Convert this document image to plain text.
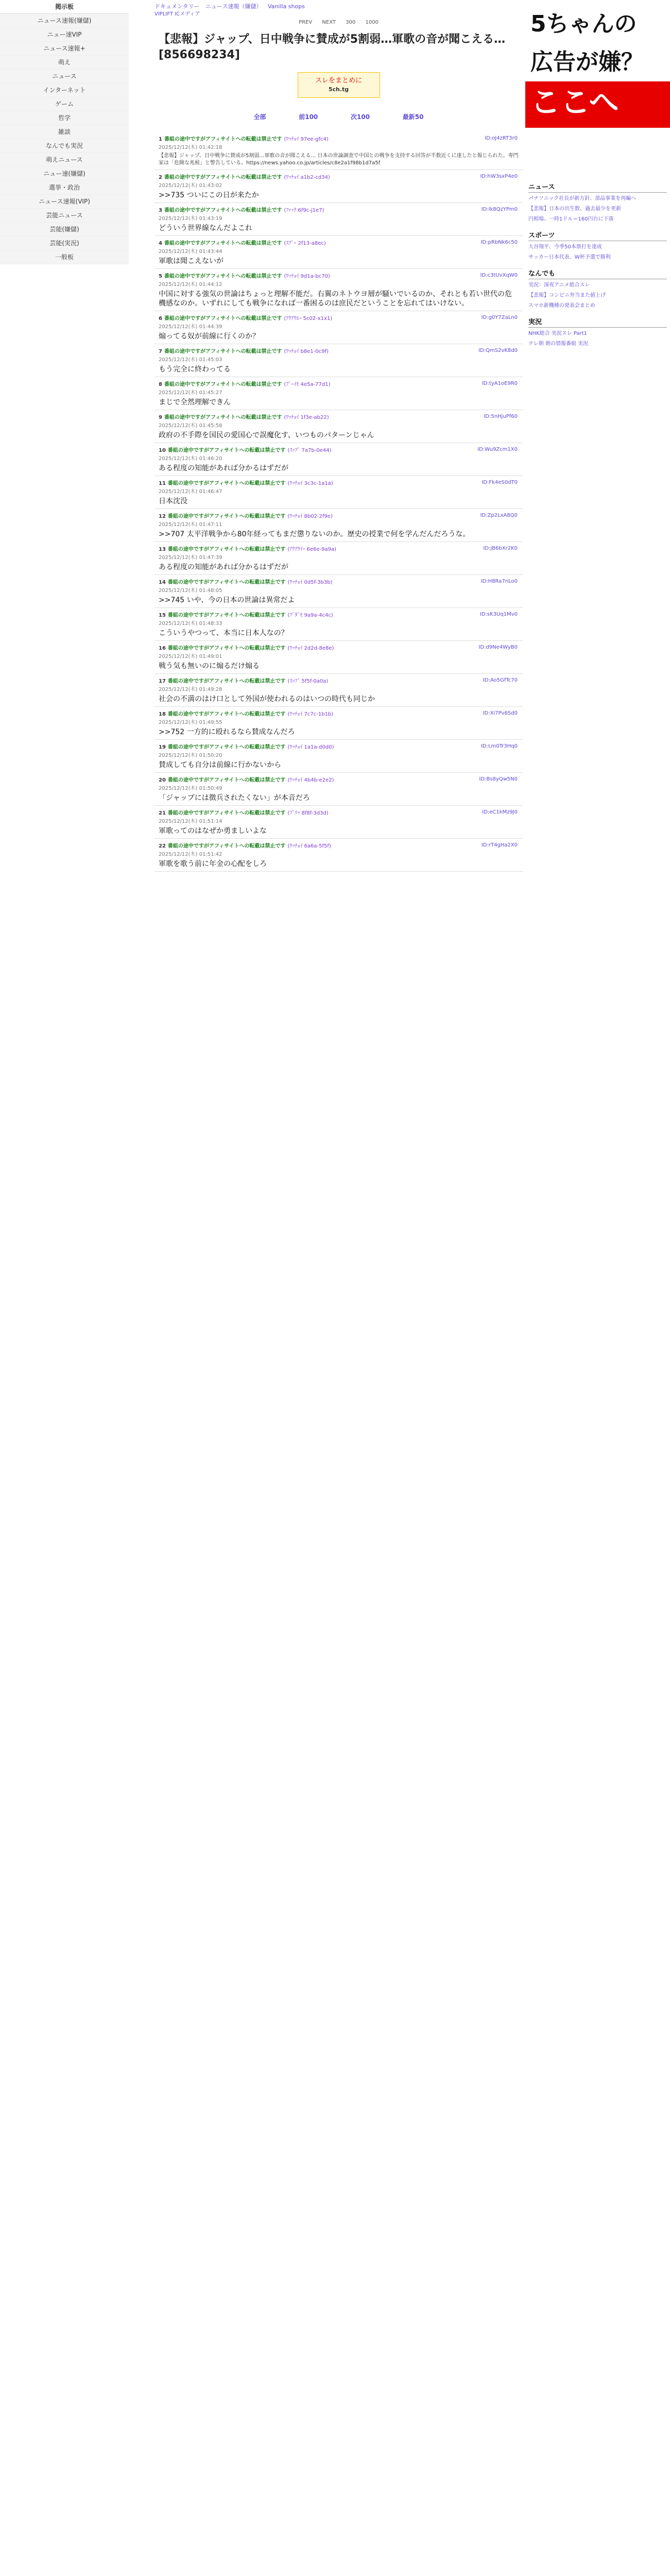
掲示板
ニュース速報(嫌儲)
ニュー速VIP
ニュース速報+
萌え
ニュース
インターネット
ゲーム
哲学
雑談
なんでも実況
萌えニュース
ニュー速(嫌儲)
選挙・政治
ニュース速報(VIP)
芸能ニュース
芸能(嫌儲)
芸能(実況)
一般板
ドキュメンタリー ニュース速報（嫌儲） Vanilla shops
VIPLIFT ICメディア
PREV NEXT 300 1000
【悲報】ジャップ、日中戦争に賛成が5割弱…軍歌の音が聞こえる…[856698234]
スレをまとめに
5ch.tg
全部	前100	次100	最新50
1 番組の途中ですがアフィサイトへの転載は禁止です (ﾜｯﾁｮｲ 97ee-gfc4)
2025/12/12(木) 01:42:18
ID:oJ4zRT3r0
【悲報】ジャップ、日中戦争に賛成が5割弱…軍歌の音が聞こえる… 日本の世論調査で中国との戦争を支持する回答が半数近くに達したと報じられた。専門家は「危険な兆候」と警告している。https://news.yahoo.co.jp/articles/c8e2a1f98b1d7a5f
2 番組の途中ですがアフィサイトへの転載は禁止です (ﾜｯﾁｮｲ a1b2-cd34)
2025/12/12(木) 01:43:02
ID:hW3sxP4e0
>>735 ついにこの日が来たか
3 番組の途中ですがアフィサイトへの転載は禁止です (ﾌｧｯｸ 6f9c-j1e7)
2025/12/12(木) 01:43:19
ID:lk8QzYPm0
どういう世界線なんだよこれ
4 番組の途中ですがアフィサイトへの転載は禁止です (ｽﾌﾟｰ 2f13-a8ec)
2025/12/12(木) 01:43:44
ID:pRbNk6c50
軍歌は聞こえないが
5 番組の途中ですがアフィサイトへの転載は禁止です (ﾜｯﾁｮｲ 9d1a-bc70)
2025/12/12(木) 01:44:12
ID:c3tUvXqW0
中国に対する強気の世論はちょっと理解不能だ。右翼のネトウヨ層が騒いでいるのか、それとも若い世代の危機感なのか。いずれにしても戦争になれば一番困るのは庶民だということを忘れてはいけない。
6 番組の途中ですがアフィサイトへの転載は禁止です (ｱｳｱｳｴｰ 5c02-x1x1)
2025/12/12(木) 01:44:39
ID:g0Y7ZaLn0
煽ってる奴が前線に行くのか？
7 番組の途中ですがアフィサイトへの転載は禁止です (ﾜｯﾁｮｲ b8e1-0c9f)
2025/12/12(木) 01:45:03
ID:QmS2vK8d0
もう完全に終わってる
8 番組の途中ですがアフィサイトへの転載は禁止です (ﾌﾞｰｲﾓ 4e5a-77d1)
2025/12/12(木) 01:45:27
ID:tyA1oE9R0
まじで全然理解できん
9 番組の途中ですがアフィサイトへの転載は禁止です (ﾜｯﾁｮｲ 1f3e-ab22)
2025/12/12(木) 01:45:58
ID:5nHjuPf60
政府の不手際を国民の愛国心で誤魔化す、いつものパターンじゃん
10 番組の途中ですがアフィサイトへの転載は禁止です (ｽｯﾌﾟ 7a7b-0e44)
2025/12/12(木) 01:46:20
ID:Wu9Zcm1X0
ある程度の知能があれば分かるはずだが
11 番組の途中ですがアフィサイトへの転載は禁止です (ﾜｯﾁｮｲ 3c3c-1a1a)
2025/12/12(木) 01:46:47
ID:Fk4eS0dT0
日本沈没
12 番組の途中ですがアフィサイトへの転載は禁止です (ﾜｯﾁｮｲ 8b02-2f9e)
2025/12/12(木) 01:47:11
ID:Zp2LxA8Q0
>>707 太平洋戦争から80年経ってもまだ懲りないのか。歴史の授業で何を学んだんだろうな。
13 番組の途中ですがアフィサイトへの転載は禁止です (ｱｳｱｳｲｰ 6e6e-9a9a)
2025/12/12(木) 01:47:39
ID:jB6bXr2K0
ある程度の知能があれば分かるはずだが
14 番組の途中ですがアフィサイトへの転載は禁止です (ﾜｯﾁｮｲ 0d5f-3b3b)
2025/12/12(木) 01:48:05
ID:H8Ra7nLo0
>>745 いや、今の日本の世論は異常だよ
15 番組の途中ですがアフィサイトへの転載は禁止です (ﾌﾞﾀﾞﾓ 9a9a-4c4c)
2025/12/12(木) 01:48:33
ID:sK3Uq1Mv0
こういうやつって、本当に日本人なの？
16 番組の途中ですがアフィサイトへの転載は禁止です (ﾜｯﾁｮｲ 2d2d-8e8e)
2025/12/12(木) 01:49:01
ID:d9Ne4WyB0
戦う気も無いのに煽るだけ煽る
17 番組の途中ですがアフィサイトへの転載は禁止です (ｽｯﾌﾟ 5f5f-0a0a)
2025/12/12(木) 01:49:28
ID:Ao5GfTc70
社会の不満のはけ口として外国が使われるのはいつの時代も同じか
18 番組の途中ですがアフィサイトへの転載は禁止です (ﾜｯﾁｮｲ 7c7c-1b1b)
2025/12/12(木) 01:49:55
ID:Xi7Pv6Sd0
>>752 一方的に殴れるなら賛成なんだろ
19 番組の途中ですがアフィサイトへの転載は禁止です (ﾜｯﾁｮｲ 1a1a-d0d0)
2025/12/12(木) 01:50:20
ID:Lm0Tr3Hq0
賛成しても自分は前線に行かないから
20 番組の途中ですがアフィサイトへの転載は禁止です (ﾜｯﾁｮｲ 4b4b-e2e2)
2025/12/12(木) 01:50:49
ID:Bs8yQw5N0
「ジャップには徴兵されたくない」が本音だろ
21 番組の途中ですがアフィサイトへの転載は禁止です (ﾌﾟﾘｯ 8f8f-3d3d)
2025/12/12(木) 01:51:14
ID:eC1kMz9J0
軍歌ってのはなぜか勇ましいよな
22 番組の途中ですがアフィサイトへの転載は禁止です (ﾜｯﾁｮｲ 6a6a-5f5f)
2025/12/12(木) 01:51:42
ID:rT4gHa2X0
軍歌を歌う前に年金の心配をしろ
5ちゃんの
広告が嫌？
ここへ
ニュース

パナソニック社長が新方針、部品事業を再編へ

【悲報】日本の出生数、過去最少を更新

円相場、一時1ドル＝160円台に下落

スポーツ

大谷翔平、今季50本塁打を達成

サッカー日本代表、W杯予選で勝利

なんでも

実況：深夜アニメ総合スレ

【悲報】コンビニ弁当また値上げ

スマホ新機種の発表会まとめ

実況

NHK総合 実況スレ Part1

テレ朝 朝の情報番組 実況
